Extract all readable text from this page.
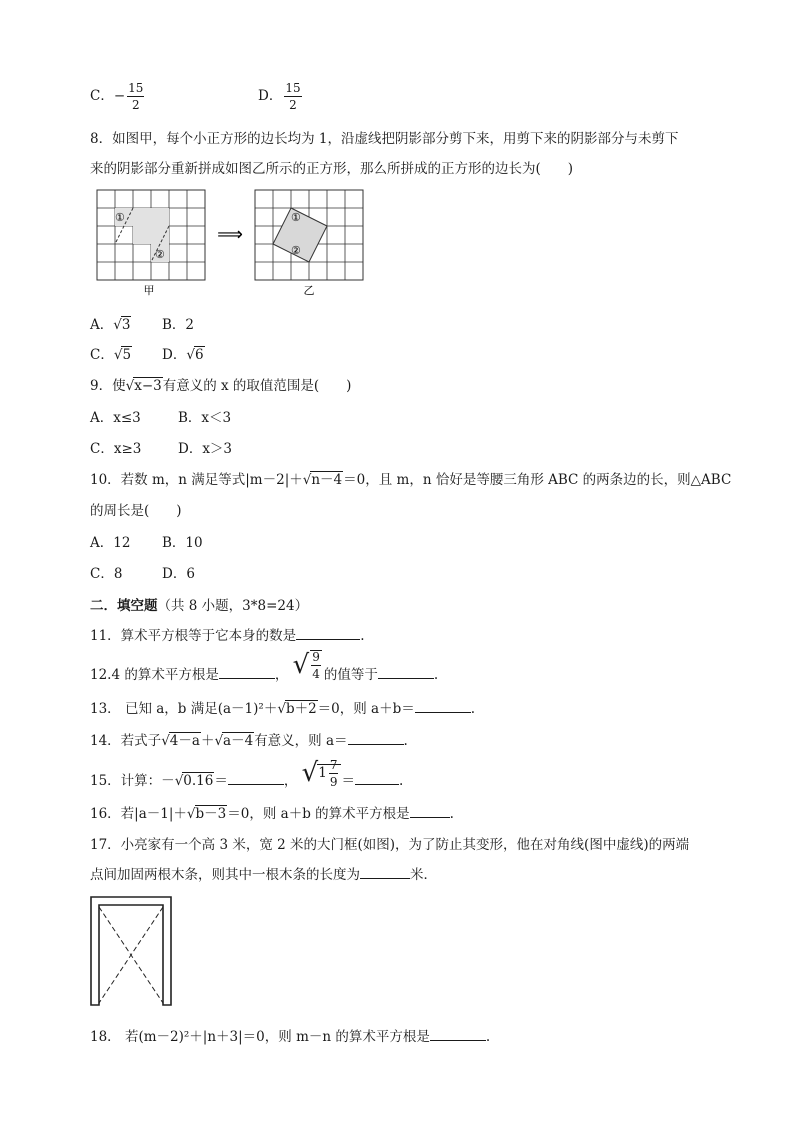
C．− $\frac{15}{2}$	D． $\frac{15}{2}$
8．如图甲，每个小正方形的边长均为 1，沿虚线把阴影部分剪下来，用剪下来的阴影部分与未剪下
来的阴影部分重新拼成如图乙所示的正方形，那么所拼成的正方形的边长为(　　)
①
②
甲
⟹
①
②
乙
A．√3 B．2
C．√5 D．√6
9．使√x−3有意义的 x 的取值范围是(　　)
A．x≤3	B．x＜3
C．x≥3	D．x＞3
10．若数 m，n 满足等式|m－2|＋√n－4＝0，且 m，n 恰好是等腰三角形 ABC 的两条边的长，则△ABC
的周长是(　　)
A．12 B．10
C．8	D．6
二．填空题（共 8 小题，3*8=24）
11．算术平方根等于它本身的数是	.
12.4 的算术平方根是	， √ $\frac{9}{4}$ 的值等于	.
13． 已知 a，b 满足(a－1)²＋√b＋2＝0，则 a＋b＝	.
14．若式子√4－a＋√a－4有意义，则 a＝	.
15．计算：－√0.16＝	， $√1 \frac{7}{9}$ ＝	.
16．若|a－1|＋√b－3＝0，则 a＋b 的算术平方根是	.
17．小亮家有一个高 3 米，宽 2 米的大门框(如图)，为了防止其变形，他在对角线(图中虚线)的两端
点间加固两根木条，则其中一根木条的长度为	米．
18． 若(m－2)²＋|n＋3|＝0，则 m－n 的算术平方根是	.
